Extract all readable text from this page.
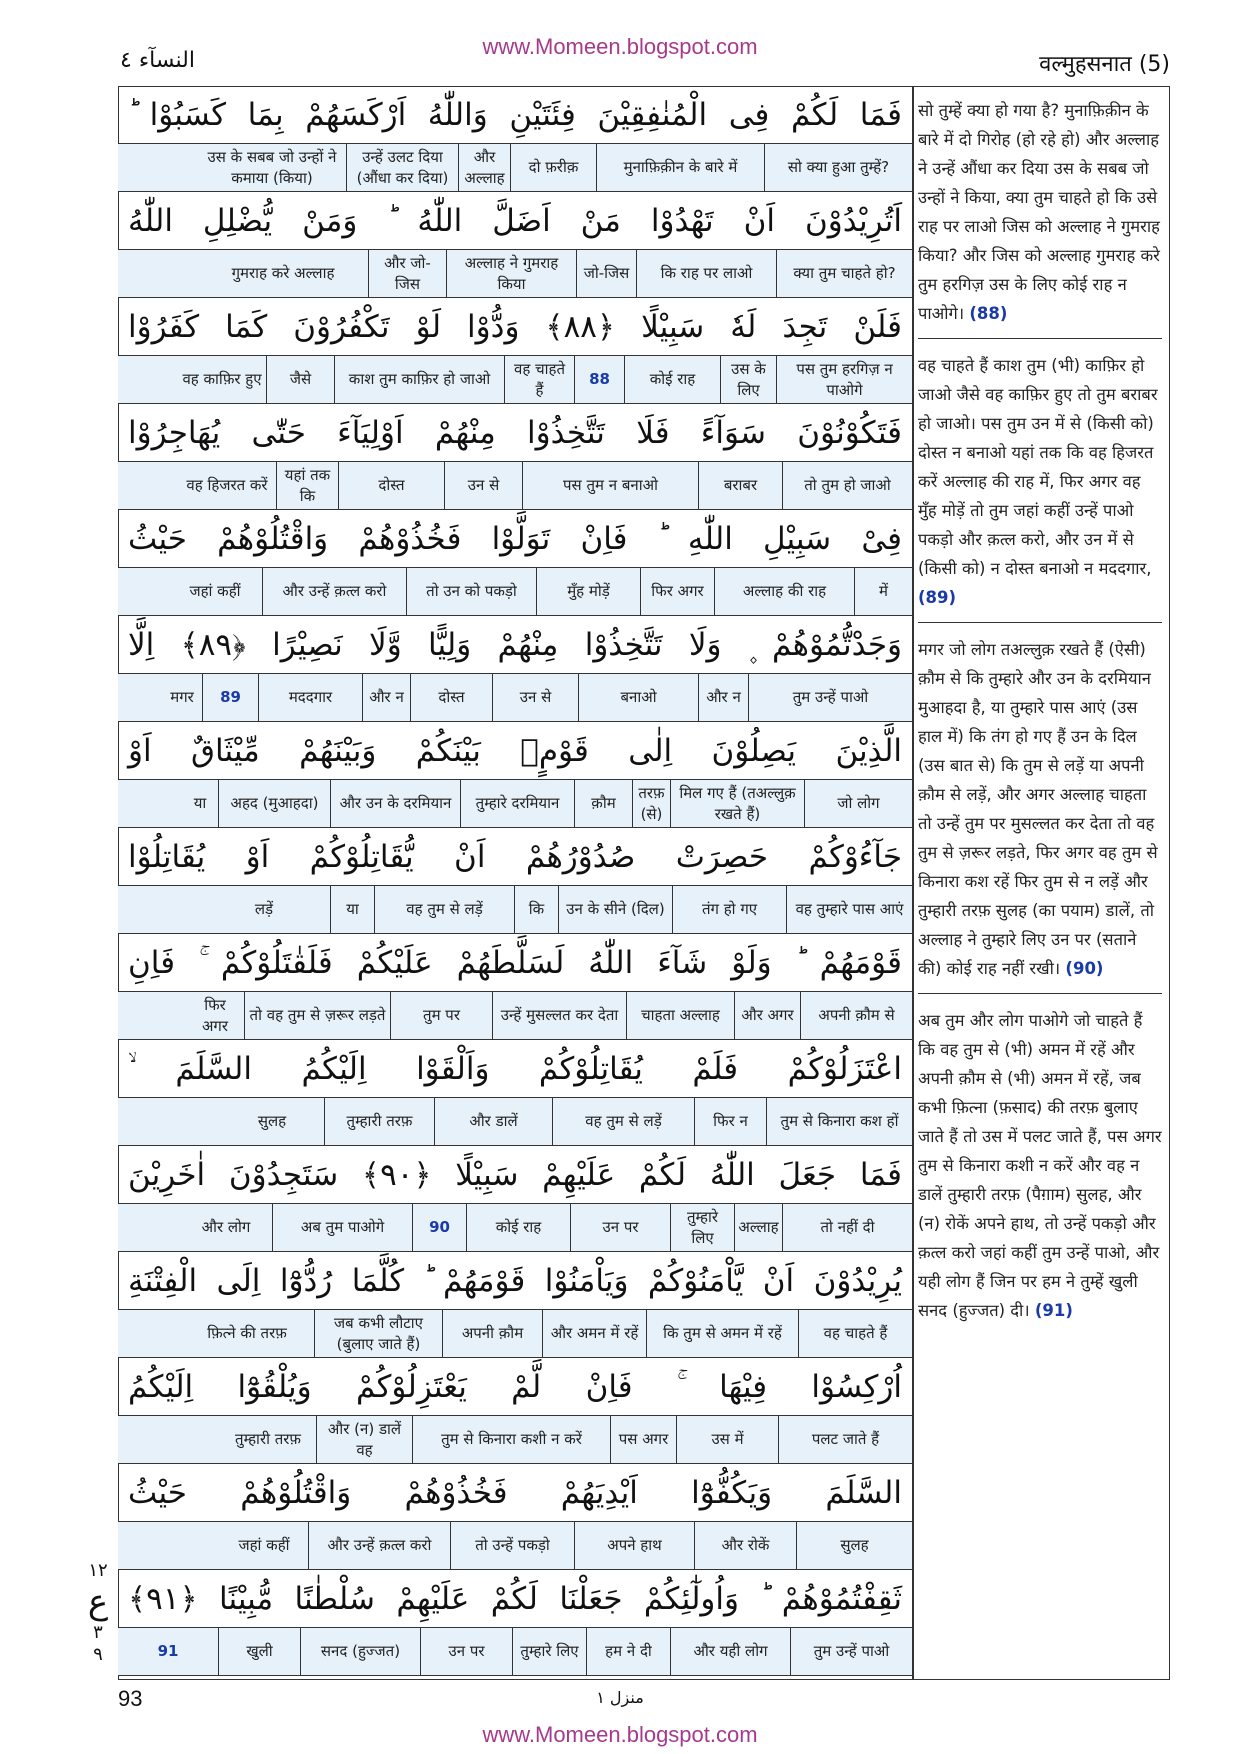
www.Momeen.blogspot.com
النسآء ٤	वल्मुहसनात (5)
فَمَا لَكُمْ فِى الْمُنٰفِقِيْنَ فِئَتَيْنِ وَاللّٰهُ اَرْكَسَهُمْ بِمَا كَسَبُوْا ؕ
सो क्या हुआ तुम्हें?
मुनाफ़िक़ीन के बारे में
दो फ़रीक़
और अल्लाह
उन्हें उलट दिया (औंधा कर दिया)
उस के सबब जो उन्हों ने कमाया (किया)
اَتُرِيْدُوْنَ اَنْ تَهْدُوْا مَنْ اَضَلَّ اللّٰهُ ؕ وَمَنْ يُّضْلِلِ اللّٰهُ
क्या तुम चाहते हो?
कि राह पर लाओ
जो-जिस
अल्लाह ने गुमराह किया
और जो-जिस
गुमराह करे अल्लाह
فَلَنْ تَجِدَ لَهٗ سَبِيْلًا ﴿٨٨﴾ وَدُّوْا لَوْ تَكْفُرُوْنَ كَمَا كَفَرُوْا
पस तुम हरगिज़ न पाओगे
उस के लिए
कोई राह
88
वह चाहते हैं
काश तुम काफ़िर हो जाओ
जैसे
वह काफ़िर हुए
فَتَكُوْنُوْنَ سَوَآءً فَلَا تَتَّخِذُوْا مِنْهُمْ اَوْلِيَآءَ حَتّٰى يُهَاجِرُوْا
तो तुम हो जाओ
बराबर
पस तुम न बनाओ
उन से
दोस्त
यहां तक कि
वह हिजरत करें
فِىْ سَبِيْلِ اللّٰهِ ؕ فَاِنْ تَوَلَّوْا فَخُذُوْهُمْ وَاقْتُلُوْهُمْ حَيْثُ
में
अल्लाह की राह
फिर अगर
मुँह मोड़ें
तो उन को पकड़ो
और उन्हें क़त्ल करो
जहां कहीं
وَجَدْتُّمُوْهُمْ ۪ وَلَا تَتَّخِذُوْا مِنْهُمْ وَلِيًّا وَّلَا نَصِيْرًا ﴿٨٩﴾ اِلَّا
तुम उन्हें पाओ
और न
बनाओ
उन से
दोस्त
और न
मददगार
89
मगर
الَّذِيْنَ يَصِلُوْنَ اِلٰى قَوْمٍۭ بَيْنَكُمْ وَبَيْنَهُمْ مِّيْثَاقٌ اَوْ
जो लोग
मिल गए हैं (तअल्लुक़ रखते हैं)
तरफ़ (से)
क़ौम
तुम्हारे दरमियान
और उन के दरमियान
अहद (मुआहदा)
या
جَآءُوْكُمْ حَصِرَتْ صُدُوْرُهُمْ اَنْ يُّقَاتِلُوْكُمْ اَوْ يُقَاتِلُوْا
वह तुम्हारे पास आएं
तंग हो गए
उन के सीने (दिल)
कि
वह तुम से लड़ें
या
लड़ें
قَوْمَهُمْ ؕ وَلَوْ شَآءَ اللّٰهُ لَسَلَّطَهُمْ عَلَيْكُمْ فَلَقٰتَلُوْكُمْ ۚ فَاِنِ
अपनी क़ौम से
और अगर
चाहता अल्लाह
उन्हें मुसल्लत कर देता
तुम पर
तो वह तुम से ज़रूर लड़ते
फिर अगर
اعْتَزَلُوْكُمْ فَلَمْ يُقَاتِلُوْكُمْ وَاَلْقَوْا اِلَيْكُمُ السَّلَمَ ۙ
तुम से किनारा कश हों
फिर न
वह तुम से लड़ें
और डालें
तुम्हारी तरफ़
सुलह
فَمَا جَعَلَ اللّٰهُ لَكُمْ عَلَيْهِمْ سَبِيْلًا ﴿٩٠﴾ سَتَجِدُوْنَ اٰخَرِيْنَ
तो नहीं दी
अल्लाह
तुम्हारे लिए
उन पर
कोई राह
90
अब तुम पाओगे
और लोग
يُرِيْدُوْنَ اَنْ يَّاْمَنُوْكُمْ وَيَاْمَنُوْا قَوْمَهُمْ ؕ كُلَّمَا رُدُّوْٓا اِلَى الْفِتْنَةِ
वह चाहते हैं
कि तुम से अमन में रहें
और अमन में रहें
अपनी क़ौम
जब कभी लौटाए (बुलाए जाते हैं)
फ़ित्ने की तरफ़
اُرْكِسُوْا فِيْهَا ۚ فَاِنْ لَّمْ يَعْتَزِلُوْكُمْ وَيُلْقُوْٓا اِلَيْكُمُ
पलट जाते हैं
उस में
पस अगर
तुम से किनारा कशी न करें
और (न) डालें वह
तुम्हारी तरफ़
السَّلَمَ وَيَكُفُّوْٓا اَيْدِيَهُمْ فَخُذُوْهُمْ وَاقْتُلُوْهُمْ حَيْثُ
सुलह
और रोकें
अपने हाथ
तो उन्हें पकड़ो
और उन्हें क़त्ल करो
जहां कहीं
ثَقِفْتُمُوْهُمْ ؕ وَاُولٰٓئِكُمْ جَعَلْنَا لَكُمْ عَلَيْهِمْ سُلْطٰنًا مُّبِيْنًا ﴿٩١﴾
तुम उन्हें पाओ
और यही लोग
हम ने दी
तुम्हारे लिए
उन पर
सनद (हुज्जत)
खुली
91
सो तुम्हें क्या हो गया है? मुनाफ़िक़ीन के बारे में दो गिरोह (हो रहे हो) और अल्लाह ने उन्हें औंधा कर दिया उस के सबब जो उन्हों ने किया, क्या तुम चाहते हो कि उसे राह पर लाओ जिस को अल्लाह ने गुमराह किया? और जिस को अल्लाह गुमराह करे तुम हरगिज़ उस के लिए कोई राह न पाओगे। (88)
वह चाहते हैं काश तुम (भी) काफ़िर हो जाओ जैसे वह काफ़िर हुए तो तुम बराबर हो जाओ। पस तुम उन में से (किसी को) दोस्त न बनाओ यहां तक कि वह हिजरत करें अल्लाह की राह में, फिर अगर वह मुँह मोड़ें तो तुम जहां कहीं उन्हें पाओ पकड़ो और क़त्ल करो, और उन में से (किसी को) न दोस्त बनाओ न मददगार, (89)
मगर जो लोग तअल्लुक़ रखते हैं (ऐसी) क़ौम से कि तुम्हारे और उन के दरमियान मुआहदा है, या तुम्हारे पास आएं (उस हाल में) कि तंग हो गए हैं उन के दिल (उस बात से) कि तुम से लड़ें या अपनी क़ौम से लड़ें, और अगर अल्लाह चाहता तो उन्हें तुम पर मुसल्लत कर देता तो वह तुम से ज़रूर लड़ते, फिर अगर वह तुम से किनारा कश रहें फिर तुम से न लड़ें और तुम्हारी तरफ़ सुलह (का पयाम) डालें, तो अल्लाह ने तुम्हारे लिए उन पर (सताने की) कोई राह नहीं रखी। (90)
अब तुम और लोग पाओगे जो चाहते हैं कि वह तुम से (भी) अमन में रहें और अपनी क़ौम से (भी) अमन में रहें, जब कभी फ़ित्ना (फ़साद) की तरफ़ बुलाए जाते हैं तो उस में पलट जाते हैं, पस अगर तुम से किनारा कशी न करें और वह न डालें तुम्हारी तरफ़ (पैग़ाम) सुलह, और (न) रोकें अपने हाथ, तो उन्हें पकड़ो और क़त्ल करो जहां कहीं तुम उन्हें पाओ, और यही लोग हैं जिन पर हम ने तुम्हें खुली सनद (हुज्जत) दी। (91)
١٢
ع
٣
٩
93	منزل ١
www.Momeen.blogspot.com
